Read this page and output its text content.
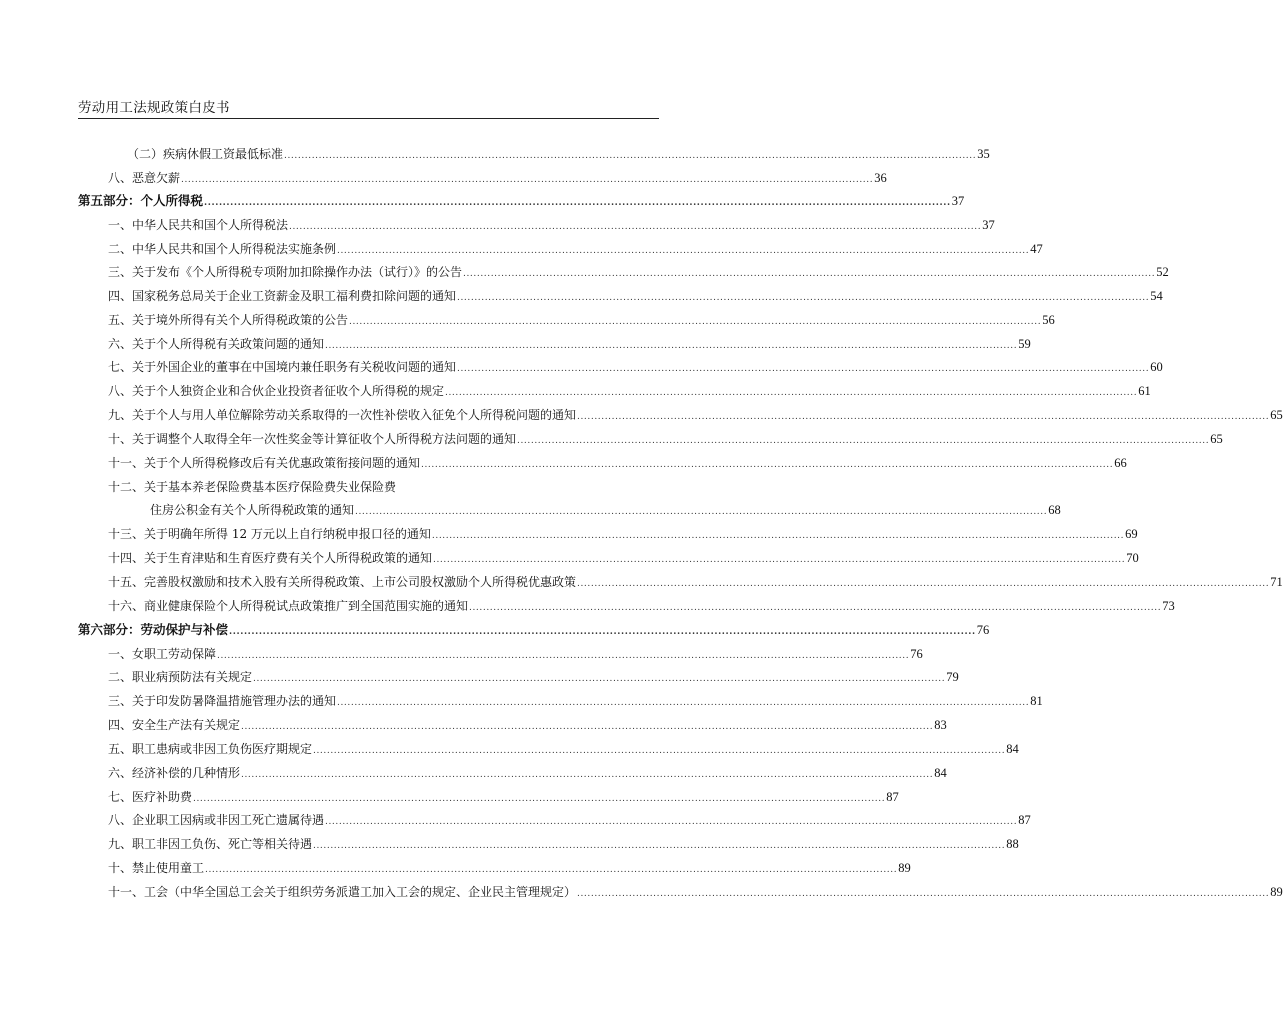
劳动用工法规政策白皮书
（二）疾病休假工资最低标准 ........................................................................................................................................................................................................ 35
八、恶意欠薪 ........................................................................................................................................................................................................ 36
第五部分：个人所得税 ........................................................................................................................................................................................................ 37
一、中华人民共和国个人所得税法 ........................................................................................................................................................................................................ 37
二、中华人民共和国个人所得税法实施条例 ........................................................................................................................................................................................................ 47
三、关于发布《个人所得税专项附加扣除操作办法（试行）》的公告 ........................................................................................................................................................................................................ 52
四、国家税务总局关于企业工资薪金及职工福利费扣除问题的通知 ........................................................................................................................................................................................................ 54
五、关于境外所得有关个人所得税政策的公告 ........................................................................................................................................................................................................ 56
六、关于个人所得税有关政策问题的通知 ........................................................................................................................................................................................................ 59
七、关于外国企业的董事在中国境内兼任职务有关税收问题的通知 ........................................................................................................................................................................................................ 60
八、关于个人独资企业和合伙企业投资者征收个人所得税的规定 ........................................................................................................................................................................................................ 61
九、关于个人与用人单位解除劳动关系取得的一次性补偿收入征免个人所得税问题的通知 ........................................................................................................................................................................................................ 65
十、关于调整个人取得全年一次性奖金等计算征收个人所得税方法问题的通知 ........................................................................................................................................................................................................ 65
十一、关于个人所得税修改后有关优惠政策衔接问题的通知 ........................................................................................................................................................................................................ 66
十二、关于基本养老保险费基本医疗保险费失业保险费
住房公积金有关个人所得税政策的通知 ........................................................................................................................................................................................................ 68
十三、关于明确年所得 12 万元以上自行纳税申报口径的通知 ........................................................................................................................................................................................................ 69
十四、关于生育津贴和生育医疗费有关个人所得税政策的通知 ........................................................................................................................................................................................................ 70
十五、完善股权激励和技术入股有关所得税政策、上市公司股权激励个人所得税优惠政策 ........................................................................................................................................................................................................ 71
十六、商业健康保险个人所得税试点政策推广到全国范围实施的通知 ........................................................................................................................................................................................................ 73
第六部分：劳动保护与补偿 ........................................................................................................................................................................................................ 76
一、女职工劳动保障 ........................................................................................................................................................................................................ 76
二、职业病预防法有关规定 ........................................................................................................................................................................................................ 79
三、关于印发防暑降温措施管理办法的通知 ........................................................................................................................................................................................................ 81
四、安全生产法有关规定 ........................................................................................................................................................................................................ 83
五、职工患病或非因工负伤医疗期规定 ........................................................................................................................................................................................................ 84
六、经济补偿的几种情形 ........................................................................................................................................................................................................ 84
七、医疗补助费 ........................................................................................................................................................................................................ 87
八、企业职工因病或非因工死亡遗属待遇 ........................................................................................................................................................................................................ 87
九、职工非因工负伤、死亡等相关待遇 ........................................................................................................................................................................................................ 88
十、禁止使用童工 ........................................................................................................................................................................................................ 89
十一、工会（中华全国总工会关于组织劳务派遣工加入工会的规定、企业民主管理规定） ........................................................................................................................................................................................................ 89
